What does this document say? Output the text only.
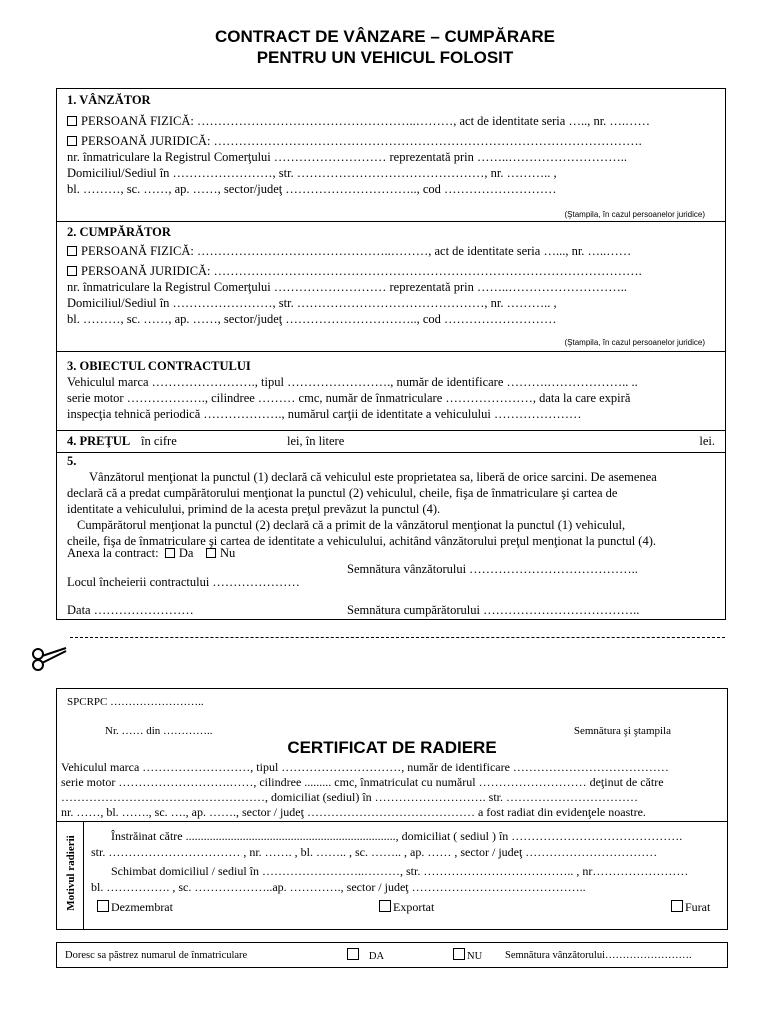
CONTRACT DE VÂNZARE – CUMPĂRARE
PENTRU UN VEHICUL FOLOSIT
1. VÂNZĂTOR
PERSOANĂ FIZICĂ: ……………………………………………..………, act de identitate seria ….., nr. ….……
PERSOANĂ JURIDICĂ: ………………………………………………………………………………………….
nr. înmatriculare la Registrul Comerţului ……………………… reprezentată prin ……..………………………..
Domiciliul/Sediul în ……………………, str. ………………………………………, nr. ……….. ,
bl. ………, sc. ……, ap. ……, sector/judeţ ………………………….., cod ………………………
(Ştampila, în cazul persoanelor juridice)
2. CUMPĂRĂTOR
PERSOANĂ FIZICĂ: ………………………………………..………, act de identitate seria …..., nr. …..……
PERSOANĂ JURIDICĂ: ………………………………………………………………………………………….
nr. înmatriculare la Registrul Comerţului ……………………… reprezentată prin ……..………………………..
Domiciliul/Sediul în ……………………, str. ………………………………………, nr. ……….. ,
bl. ………, sc. ……, ap. ……, sector/judeţ ………………………….., cod ………………………
(Ştampila, în cazul persoanelor juridice)
3. OBIECTUL CONTRACTULUI
Vehiculul marca ……………………., tipul ……………………., număr de identificare ……….……………….. ..
serie motor ………………., cilindree ……… cmc, număr de înmatriculare …………………, data la care expiră
inspecţia tehnică periodică ………………., numărul carţii de identitate a vehiculului …………………
4. PREŢUL în cifre	lei, în litere	lei.
5.
Vânzătorul menţionat la punctul (1) declară că vehiculul este proprietatea sa, liberă de orice sarcini. De asemenea
declară că a predat cumpărătorului menţionat la punctul (2) vehiculul, cheile, fişa de înmatriculare şi cartea de
identitate a vehiculului, primind de la acesta preţul prevăzut la punctul (4).
Cumpărătorul menţionat la punctul (2) declară că a primit de la vânzătorul menţionat la punctul (1) vehiculul,
cheile, fişa de înmatriculare şi cartea de identitate a vehiculului, achitând vânzătorului preţul menţionat la punctul (4).
Anexa la contract: Da Nu
Semnătura vânzătorului …………………………………..
Locul încheierii contractului …………………
Data ……………………	Semnătura cumpărătorului ………………………………..
SPCRPC ……………………..
Nr. …… din …………..	Semnătura şi ştampila
CERTIFICAT DE RADIERE
Vehiculul marca ………………………, tipul …………………………, număr de identificare …………………………………
serie motor ……………………….……, cilindree ......... cmc, înmatriculat cu numărul ……………………… deţinut de către
……………………………………………, domiciliat (sediul) în ………………………. str. ……………………………
nr. ……, bl. ……., sc. …., ap. ……., sector / judeţ …………………………………… a fost radiat din evidenţele noastre.
Motivul radierii	Înstrăinat către ......................................................................, domiciliat ( sediul ) în …………………………………….
str. …………………………… , nr. ……. , bl. …….. , sc. …….. , ap. …… , sector / judeţ ……………………………
Schimbat domiciliul / sediul în ……………………..………, str. ……………………………….. , nr……………………
bl. ……………. , sc. ………………..ap. …………., sector / judeţ ……………………………………..
Dezmembrat	Exportat	Furat
Doresc sa păstrez numarul de înmatriculare	DA	NU Semnătura vânzătorului…………………….
